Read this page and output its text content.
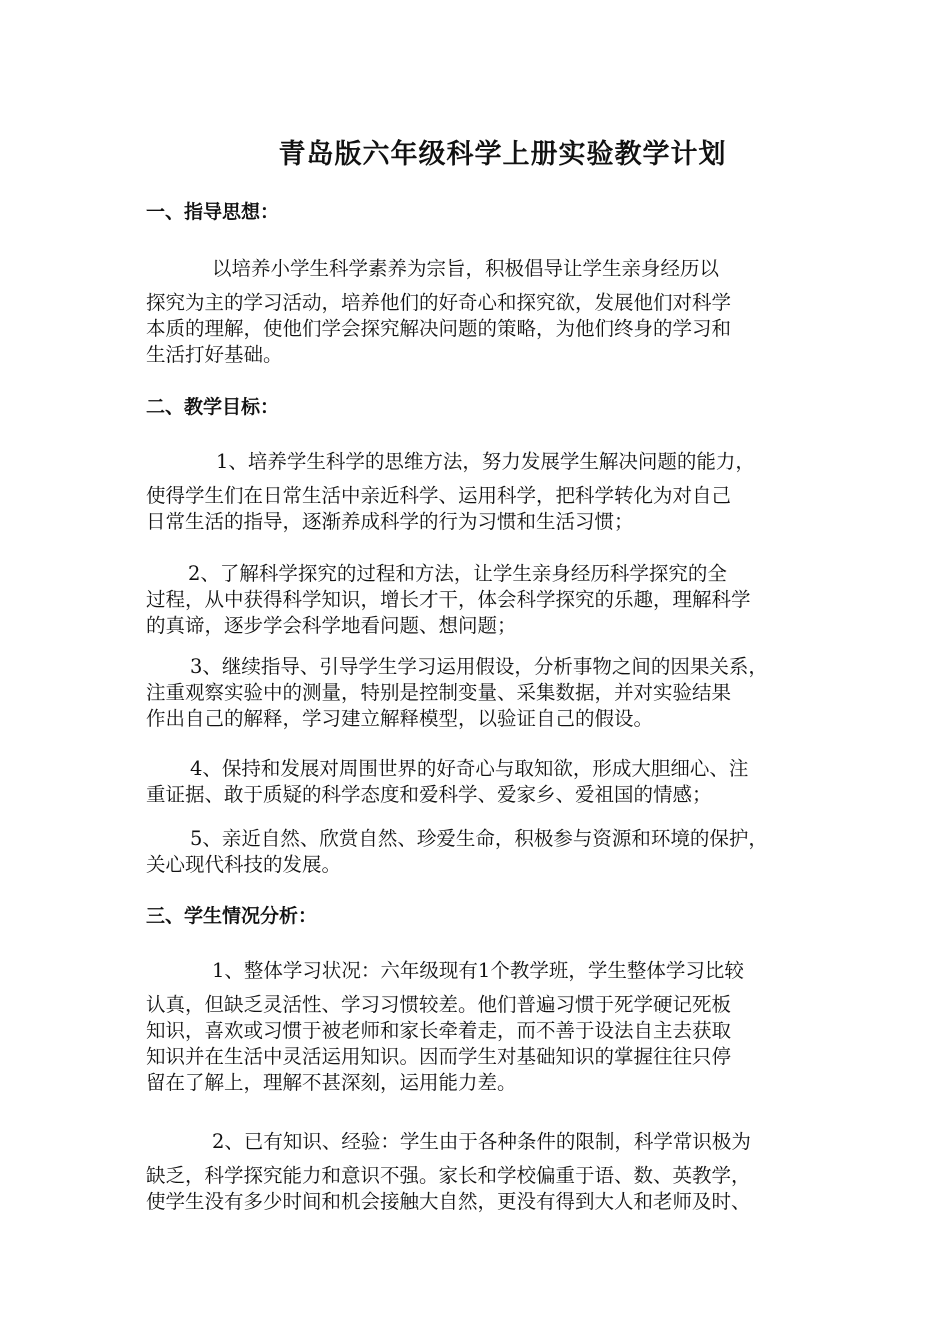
青岛版六年级科学上册实验教学计划
一、指导思想：
以培养小学生科学素养为宗旨，积极倡导让学生亲身经历以
探究为主的学习活动，培养他们的好奇心和探究欲，发展他们对科学
本质的理解，使他们学会探究解决问题的策略，为他们终身的学习和
生活打好基础。
二、教学目标：
1、培养学生科学的思维方法，努力发展学生解决问题的能力，
使得学生们在日常生活中亲近科学、运用科学，把科学转化为对自己
日常生活的指导，逐渐养成科学的行为习惯和生活习惯；
2、了解科学探究的过程和方法，让学生亲身经历科学探究的全
过程，从中获得科学知识，增长才干，体会科学探究的乐趣，理解科学
的真谛，逐步学会科学地看问题、想问题；
3、继续指导、引导学生学习运用假设，分析事物之间的因果关系，
注重观察实验中的测量，特别是控制变量、采集数据，并对实验结果
作出自己的解释，学习建立解释模型，以验证自己的假设。
4、保持和发展对周围世界的好奇心与取知欲，形成大胆细心、注
重证据、敢于质疑的科学态度和爱科学、爱家乡、爱祖国的情感；
5、亲近自然、欣赏自然、珍爱生命，积极参与资源和环境的保护，
关心现代科技的发展。
三、学生情况分析：
1、整体学习状况：六年级现有1个教学班，学生整体学习比较
认真，但缺乏灵活性、学习习惯较差。他们普遍习惯于死学硬记死板
知识，喜欢或习惯于被老师和家长牵着走，而不善于设法自主去获取
知识并在生活中灵活运用知识。因而学生对基础知识的掌握往往只停
留在了解上，理解不甚深刻，运用能力差。
2、已有知识、经验：学生由于各种条件的限制，科学常识极为
缺乏，科学探究能力和意识不强。家长和学校偏重于语、数、英教学，
使学生没有多少时间和机会接触大自然，更没有得到大人和老师及时、
